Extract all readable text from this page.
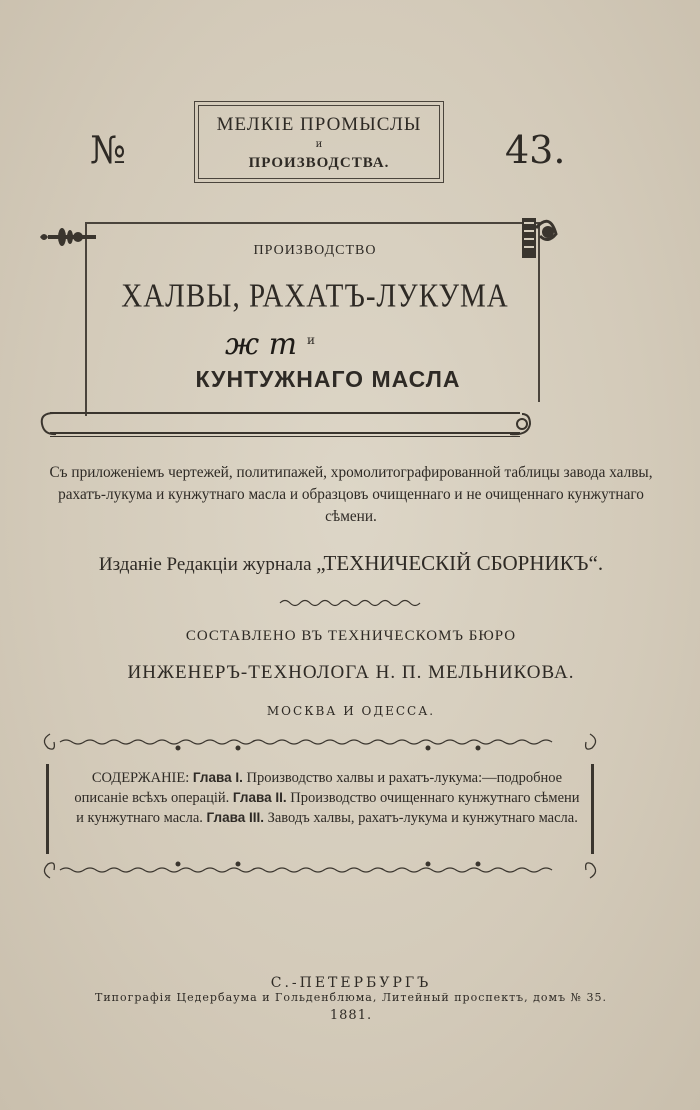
№
МЕЛКІЕ ПРОМЫСЛЫ
и
ПРОИЗВОДСТВА.	43.
ПРОИЗВОДСТВО
ХАЛВЫ, РАХАТЪ-ЛУКУМА
и
ж т
КУНТУЖНАГО МАСЛА
Съ приложеніемъ чертежей, политипажей, хромолитографированной таблицы завода халвы, рахатъ-лукума и кунжутнаго масла и образцовъ очищеннаго и не очищеннаго кунжутнаго сѣмени.
Изданіе Редакціи журнала „ТЕХНИЧЕСКІЙ СБОРНИКЪ“.
СОСТАВЛЕНО ВЪ ТЕХНИЧЕСКОМЪ БЮРО
ИНЖЕНЕРЪ-ТЕХНОЛОГА Н. П. МЕЛЬНИКОВА.
МОСКВА И ОДЕССА.
СОДЕРЖАНІЕ: Глава I. Производство халвы и рахатъ-лукума:—подробное описаніе всѣхъ операцій. Глава II. Производство очищеннаго кунжутнаго сѣмени и кунжутнаго масла. Глава III. Заводъ халвы, рахатъ-лукума и кунжутнаго масла.
С.-ПЕТЕРБУРГЪ
Типографія Цедербаума и Гольденблюма, Литейный проспектъ, домъ № 35.
1881.
